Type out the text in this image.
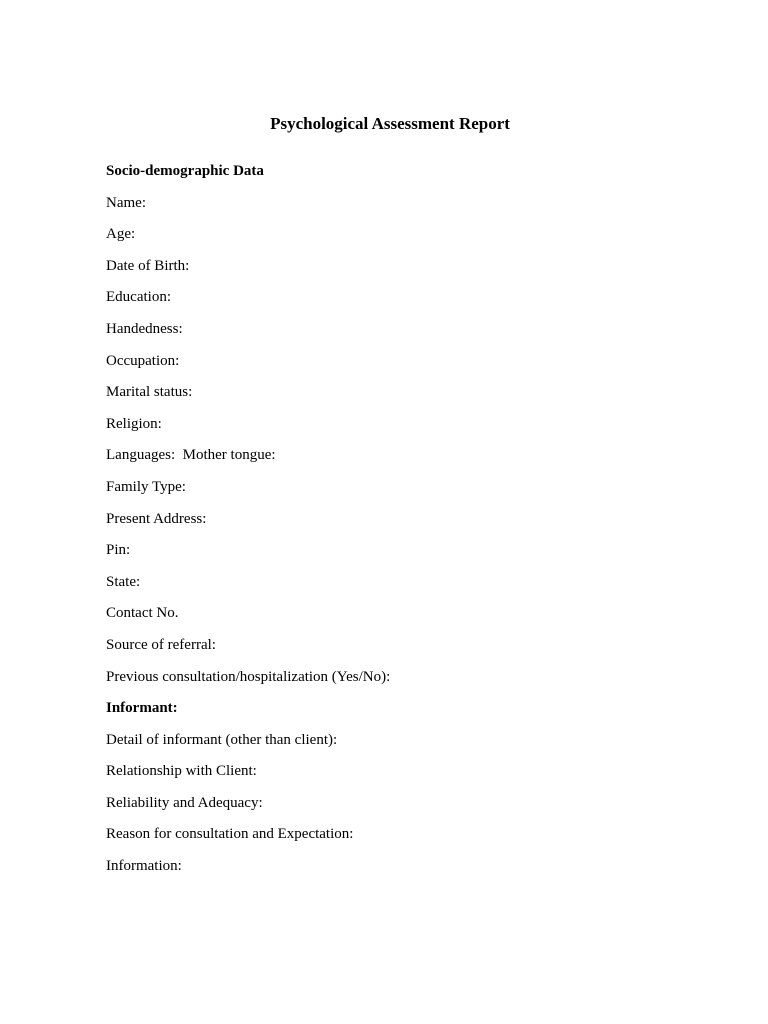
Psychological Assessment Report
Socio-demographic Data
Name:
Age:
Date of Birth:
Education:
Handedness:
Occupation:
Marital status:
Religion:
Languages:  Mother tongue:
Family Type:
Present Address:
Pin:
State:
Contact No.
Source of referral:
Previous consultation/hospitalization (Yes/No):
Informant:
Detail of informant (other than client):
Relationship with Client:
Reliability and Adequacy:
Reason for consultation and Expectation:
Information:
